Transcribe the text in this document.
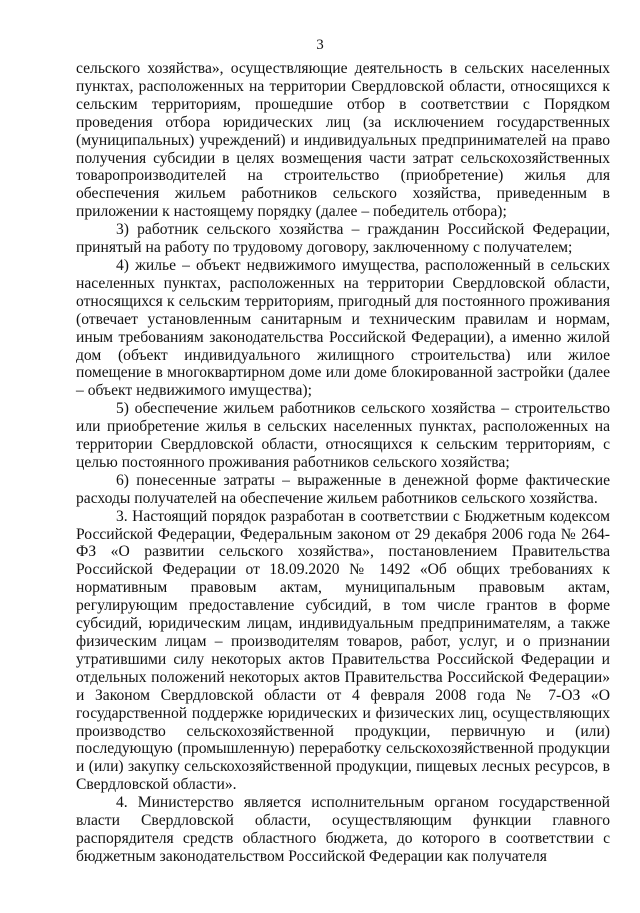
3

сельского хозяйства», осуществляющие деятельность в сельских населенных пунктах, расположенных на территории Свердловской области, относящихся к сельским территориям, прошедшие отбор в соответствии с Порядком проведения отбора юридических лиц (за исключением государственных (муниципальных) учреждений) и индивидуальных предпринимателей на право получения субсидии в целях возмещения части затрат сельскохозяйственных товаропроизводителей на строительство (приобретение) жилья для обеспечения жильем работников сельского хозяйства, приведенным в приложении к настоящему порядку (далее – победитель отбора);

3) работник сельского хозяйства – гражданин Российской Федерации, принятый на работу по трудовому договору, заключенному с получателем;

4) жилье – объект недвижимого имущества, расположенный в сельских населенных пунктах, расположенных на территории Свердловской области, относящихся к сельским территориям, пригодный для постоянного проживания (отвечает установленным санитарным и техническим правилам и нормам, иным требованиям законодательства Российской Федерации), а именно жилой дом (объект индивидуального жилищного строительства) или жилое помещение в многоквартирном доме или доме блокированной застройки (далее – объект недвижимого имущества);

5) обеспечение жильем работников сельского хозяйства – строительство или приобретение жилья в сельских населенных пунктах, расположенных на территории Свердловской области, относящихся к сельским территориям, с целью постоянного проживания работников сельского хозяйства;

6) понесенные затраты – выраженные в денежной форме фактические расходы получателей на обеспечение жильем работников сельского хозяйства.

3. Настоящий порядок разработан в соответствии с Бюджетным кодексом Российской Федерации, Федеральным законом от 29 декабря 2006 года № 264-ФЗ «О развитии сельского хозяйства», постановлением Правительства Российской Федерации от 18.09.2020 № 1492 «Об общих требованиях к нормативным правовым актам, муниципальным правовым актам, регулирующим предоставление субсидий, в том числе грантов в форме субсидий, юридическим лицам, индивидуальным предпринимателям, а также физическим лицам – производителям товаров, работ, услуг, и о признании утратившими силу некоторых актов Правительства Российской Федерации и отдельных положений некоторых актов Правительства Российской Федерации» и Законом Свердловской области от 4 февраля 2008 года № 7-ОЗ «О государственной поддержке юридических и физических лиц, осуществляющих производство сельскохозяйственной продукции, первичную и (или) последующую (промышленную) переработку сельскохозяйственной продукции и (или) закупку сельскохозяйственной продукции, пищевых лесных ресурсов, в Свердловской области».

4. Министерство является исполнительным органом государственной власти Свердловской области, осуществляющим функции главного распорядителя средств областного бюджета, до которого в соответствии с бюджетным законодательством Российской Федерации как получателя
